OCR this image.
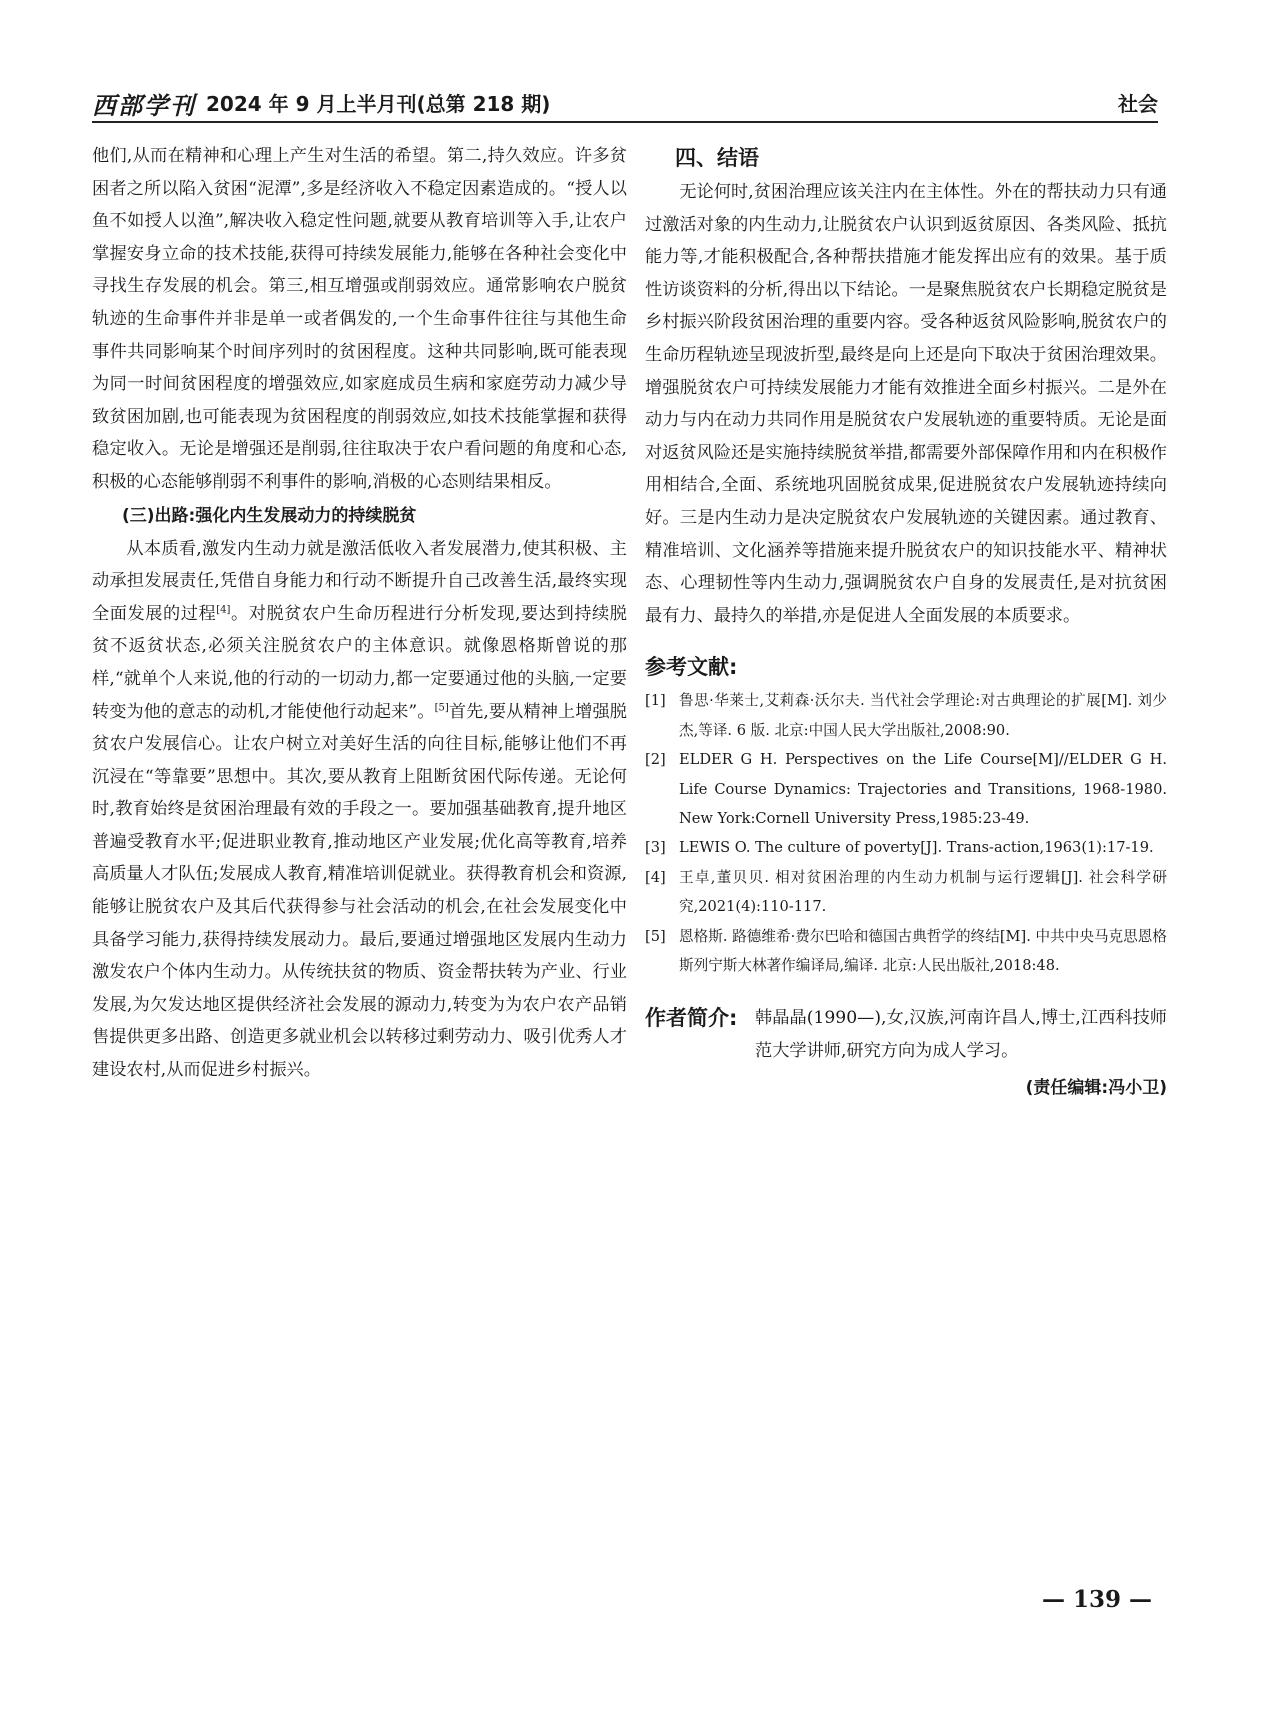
西部学刊 2024 年 9 月上半月刊(总第 218 期)	社会

他们,从而在精神和心理上产生对生活的希望。第二,持久效应。许多贫困者之所以陷入贫困“泥潭”,多是经济收入不稳定因素造成的。“授人以鱼不如授人以渔”,解决收入稳定性问题,就要从教育培训等入手,让农户掌握安身立命的技术技能,获得可持续发展能力,能够在各种社会变化中寻找生存发展的机会。第三,相互增强或削弱效应。通常影响农户脱贫轨迹的生命事件并非是单一或者偶发的,一个生命事件往往与其他生命事件共同影响某个时间序列时的贫困程度。这种共同影响,既可能表现为同一时间贫困程度的增强效应,如家庭成员生病和家庭劳动力减少导致贫困加剧,也可能表现为贫困程度的削弱效应,如技术技能掌握和获得稳定收入。无论是增强还是削弱,往往取决于农户看问题的角度和心态,积极的心态能够削弱不利事件的影响,消极的心态则结果相反。

(三)出路:强化内生发展动力的持续脱贫

从本质看,激发内生动力就是激活低收入者发展潜力,使其积极、主动承担发展责任,凭借自身能力和行动不断提升自己改善生活,最终实现全面发展的过程[4]。对脱贫农户生命历程进行分析发现,要达到持续脱贫不返贫状态,必须关注脱贫农户的主体意识。就像恩格斯曾说的那样,“就单个人来说,他的行动的一切动力,都一定要通过他的头脑,一定要转变为他的意志的动机,才能使他行动起来”。[5]首先,要从精神上增强脱贫农户发展信心。让农户树立对美好生活的向往目标,能够让他们不再沉浸在“等靠要”思想中。其次,要从教育上阻断贫困代际传递。无论何时,教育始终是贫困治理最有效的手段之一。要加强基础教育,提升地区普遍受教育水平;促进职业教育,推动地区产业发展;优化高等教育,培养高质量人才队伍;发展成人教育,精准培训促就业。获得教育机会和资源,能够让脱贫农户及其后代获得参与社会活动的机会,在社会发展变化中具备学习能力,获得持续发展动力。最后,要通过增强地区发展内生动力激发农户个体内生动力。从传统扶贫的物质、资金帮扶转为产业、行业发展,为欠发达地区提供经济社会发展的源动力,转变为为农户农产品销售提供更多出路、创造更多就业机会以转移过剩劳动力、吸引优秀人才建设农村,从而促进乡村振兴。

四、结语

无论何时,贫困治理应该关注内在主体性。外在的帮扶动力只有通过激活对象的内生动力,让脱贫农户认识到返贫原因、各类风险、抵抗能力等,才能积极配合,各种帮扶措施才能发挥出应有的效果。基于质性访谈资料的分析,得出以下结论。一是聚焦脱贫农户长期稳定脱贫是乡村振兴阶段贫困治理的重要内容。受各种返贫风险影响,脱贫农户的生命历程轨迹呈现波折型,最终是向上还是向下取决于贫困治理效果。增强脱贫农户可持续发展能力才能有效推进全面乡村振兴。二是外在动力与内在动力共同作用是脱贫农户发展轨迹的重要特质。无论是面对返贫风险还是实施持续脱贫举措,都需要外部保障作用和内在积极作用相结合,全面、系统地巩固脱贫成果,促进脱贫农户发展轨迹持续向好。三是内生动力是决定脱贫农户发展轨迹的关键因素。通过教育、精准培训、文化涵养等措施来提升脱贫农户的知识技能水平、精神状态、心理韧性等内生动力,强调脱贫农户自身的发展责任,是对抗贫困最有力、最持久的举措,亦是促进人全面发展的本质要求。

参考文献:
[1] 鲁思·华莱士,艾莉森·沃尔夫. 当代社会学理论:对古典理论的扩展[M]. 刘少杰,等译. 6 版. 北京:中国人民大学出版社,2008:90.
[2] ELDER G H. Perspectives on the Life Course[M]//ELDER G H. Life Course Dynamics: Trajectories and Transitions, 1968-1980. New York:Cornell University Press,1985:23-49.
[3] LEWIS O. The culture of poverty[J]. Trans-action,1963(1):17-19.
[4] 王卓,董贝贝. 相对贫困治理的内生动力机制与运行逻辑[J]. 社会科学研究,2021(4):110-117.
[5] 恩格斯. 路德维希·费尔巴哈和德国古典哲学的终结[M]. 中共中央马克思恩格斯列宁斯大林著作编译局,编译. 北京:人民出版社,2018:48.
作者简介:	韩晶晶(1990—),女,汉族,河南许昌人,博士,江西科技师范大学讲师,研究方向为成人学习。
(责任编辑:冯小卫)
— 139 —
